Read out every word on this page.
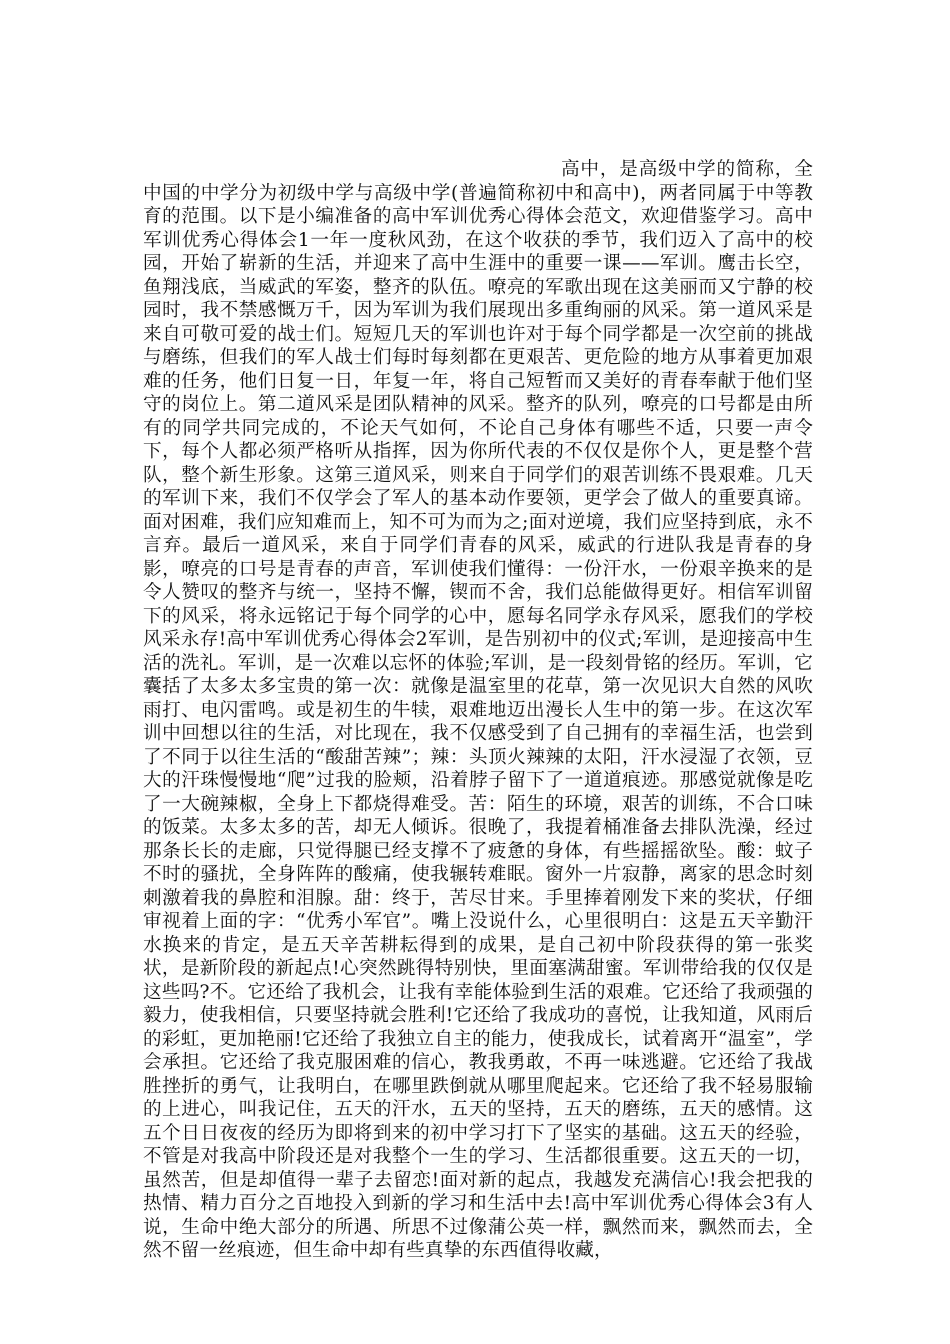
高中，是高级中学的简称，全中国的中学分为初级中学与高级中学(普遍简称初中和高中)，两者同属于中等教育的范围。以下是小编准备的高中军训优秀心得体会范文，欢迎借鉴学习。高中军训优秀心得体会1一年一度秋风劲，在这个收获的季节，我们迈入了高中的校园，开始了崭新的生活，并迎来了高中生涯中的重要一课——军训。鹰击长空，鱼翔浅底，当威武的军姿，整齐的队伍。嘹亮的军歌出现在这美丽而又宁静的校园时，我不禁感慨万千，因为军训为我们展现出多重绚丽的风采。第一道风采是来自可敬可爱的战士们。短短几天的军训也许对于每个同学都是一次空前的挑战与磨练，但我们的军人战士们每时每刻都在更艰苦、更危险的地方从事着更加艰难的任务，他们日复一日，年复一年，将自己短暂而又美好的青春奉献于他们坚守的岗位上。第二道风采是团队精神的风采。整齐的队列，嘹亮的口号都是由所有的同学共同完成的，不论天气如何，不论自己身体有哪些不适，只要一声令下，每个人都必须严格听从指挥，因为你所代表的不仅仅是你个人，更是整个营队，整个新生形象。这第三道风采，则来自于同学们的艰苦训练不畏艰难。几天的军训下来，我们不仅学会了军人的基本动作要领，更学会了做人的重要真谛。面对困难，我们应知难而上，知不可为而为之;面对逆境，我们应坚持到底，永不言弃。最后一道风采，来自于同学们青春的风采，威武的行进队我是青春的身影，嘹亮的口号是青春的声音，军训使我们懂得：一份汗水，一份艰辛换来的是令人赞叹的整齐与统一，坚持不懈，锲而不舍，我们总能做得更好。相信军训留下的风采，将永远铭记于每个同学的心中，愿每名同学永存风采，愿我们的学校风采永存!高中军训优秀心得体会2军训，是告别初中的仪式;军训，是迎接高中生活的洗礼。军训，是一次难以忘怀的体验;军训，是一段刻骨铭的经历。军训，它囊括了太多太多宝贵的第一次：就像是温室里的花草，第一次见识大自然的风吹雨打、电闪雷鸣。或是初生的牛犊，艰难地迈出漫长人生中的第一步。在这次军训中回想以往的生活，对比现在，我不仅感受到了自己拥有的幸福生活，也尝到了不同于以往生活的“酸甜苦辣”；辣：头顶火辣辣的太阳，汗水浸湿了衣领，豆大的汗珠慢慢地“爬”过我的脸颊，沿着脖子留下了一道道痕迹。那感觉就像是吃了一大碗辣椒，全身上下都烧得难受。苦：陌生的环境，艰苦的训练，不合口味的饭菜。太多太多的苦，却无人倾诉。很晚了，我提着桶准备去排队洗澡，经过那条长长的走廊，只觉得腿已经支撑不了疲惫的身体，有些摇摇欲坠。酸：蚊子不时的骚扰，全身阵阵的酸痛，使我辗转难眠。窗外一片寂静，离家的思念时刻刺激着我的鼻腔和泪腺。甜：终于，苦尽甘来。手里捧着刚发下来的奖状，仔细审视着上面的字：“优秀小军官”。嘴上没说什么，心里很明白：这是五天辛勤汗水换来的肯定，是五天辛苦耕耘得到的成果，是自己初中阶段获得的第一张奖状，是新阶段的新起点!心突然跳得特别快，里面塞满甜蜜。军训带给我的仅仅是这些吗?不。它还给了我机会，让我有幸能体验到生活的艰难。它还给了我顽强的毅力，使我相信，只要坚持就会胜利!它还给了我成功的喜悦，让我知道，风雨后的彩虹，更加艳丽!它还给了我独立自主的能力，使我成长，试着离开“温室”，学会承担。它还给了我克服困难的信心，教我勇敢，不再一味逃避。它还给了我战胜挫折的勇气，让我明白，在哪里跌倒就从哪里爬起来。它还给了我不轻易服输的上进心，叫我记住，五天的汗水，五天的坚持，五天的磨练，五天的感情。这五个日日夜夜的经历为即将到来的初中学习打下了坚实的基础。这五天的经验，不管是对我高中阶段还是对我整个一生的学习、生活都很重要。这五天的一切，虽然苦，但是却值得一辈子去留恋!面对新的起点，我越发充满信心!我会把我的热情、精力百分之百地投入到新的学习和生活中去!高中军训优秀心得体会3有人说，生命中绝大部分的所遇、所思不过像蒲公英一样，飘然而来，飘然而去，全然不留一丝痕迹，但生命中却有些真挚的东西值得收藏，
